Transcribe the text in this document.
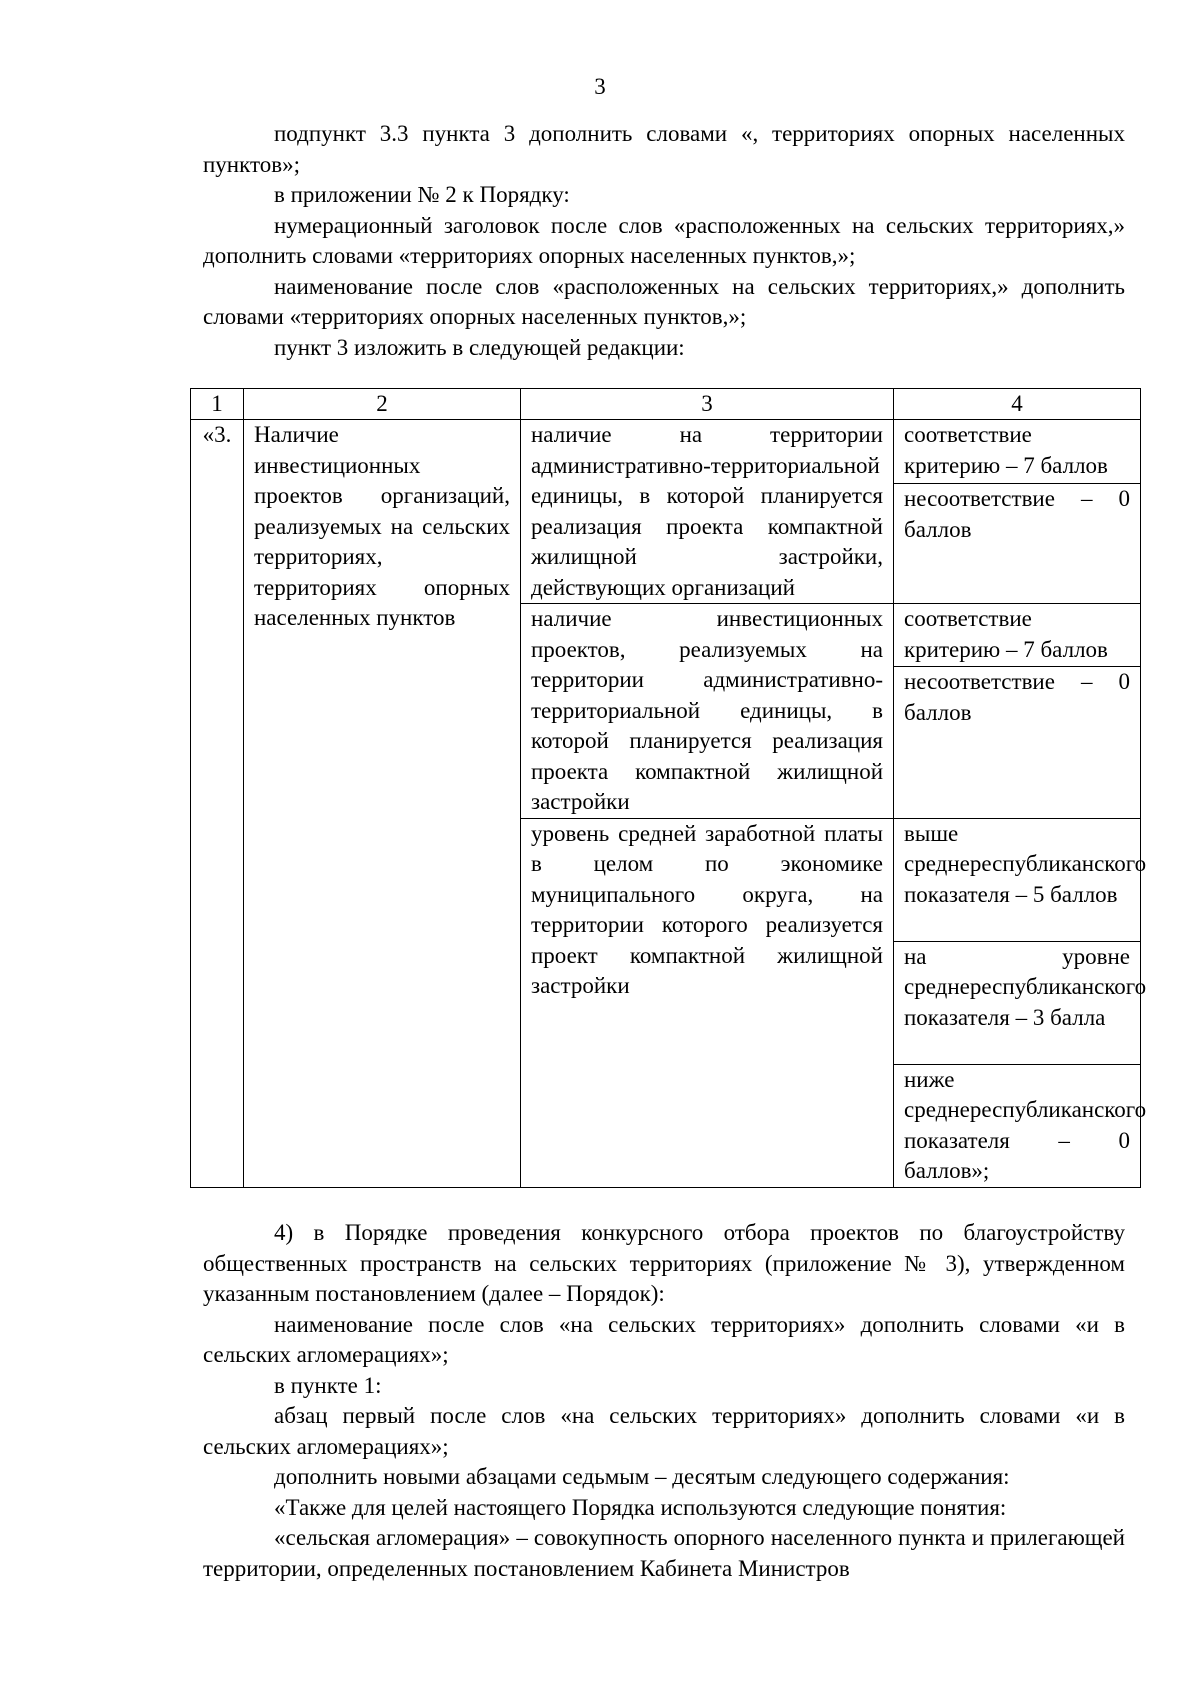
3

подпункт 3.3 пункта 3 дополнить словами «, территориях опорных населенных пунктов»;

в приложении № 2 к Порядку:

нумерационный заголовок после слов «расположенных на сельских территориях,» дополнить словами «территориях опорных населенных пунктов,»;

наименование после слов «расположенных на сельских территориях,» дополнить словами «территориях опорных населенных пунктов,»;

пункт 3 изложить в следующей редакции:

1	2	3	4
«3.	Наличие инвестиционных проектов организаций, реализуемых на сельских территориях, территориях опорных населенных пунктов	наличие на территории административно-территориальной единицы, в которой планируется реализация проекта компактной жилищной застройки, действующих организаций	соответствие критерию – 7 баллов
			несоответствие – 0 баллов
		наличие инвестиционных проектов, реализуемых на территории административно-территориальной единицы, в которой планируется реализация проекта компактной жилищной застройки	соответствие критерию – 7 баллов
			несоответствие – 0 баллов
		уровень средней заработной платы в целом по экономике муниципального округа, на территории которого реализуется проект компактной жилищной застройки	выше среднереспубликанского показателя – 5 баллов
			на уровне среднереспубликанского показателя – 3 балла
			ниже среднереспубликанского показателя – 0 баллов»;

4) в Порядке проведения конкурсного отбора проектов по благоустройству общественных пространств на сельских территориях (приложение № 3), утвержденном указанным постановлением (далее – Порядок):

наименование после слов «на сельских территориях» дополнить словами «и в сельских агломерациях»;

в пункте 1:

абзац первый после слов «на сельских территориях» дополнить словами «и в сельских агломерациях»;

дополнить новыми абзацами седьмым – десятым следующего содержания:

«Также для целей настоящего Порядка используются следующие понятия:

«сельская агломерация» – совокупность опорного населенного пункта и прилегающей территории, определенных постановлением Кабинета Министров
